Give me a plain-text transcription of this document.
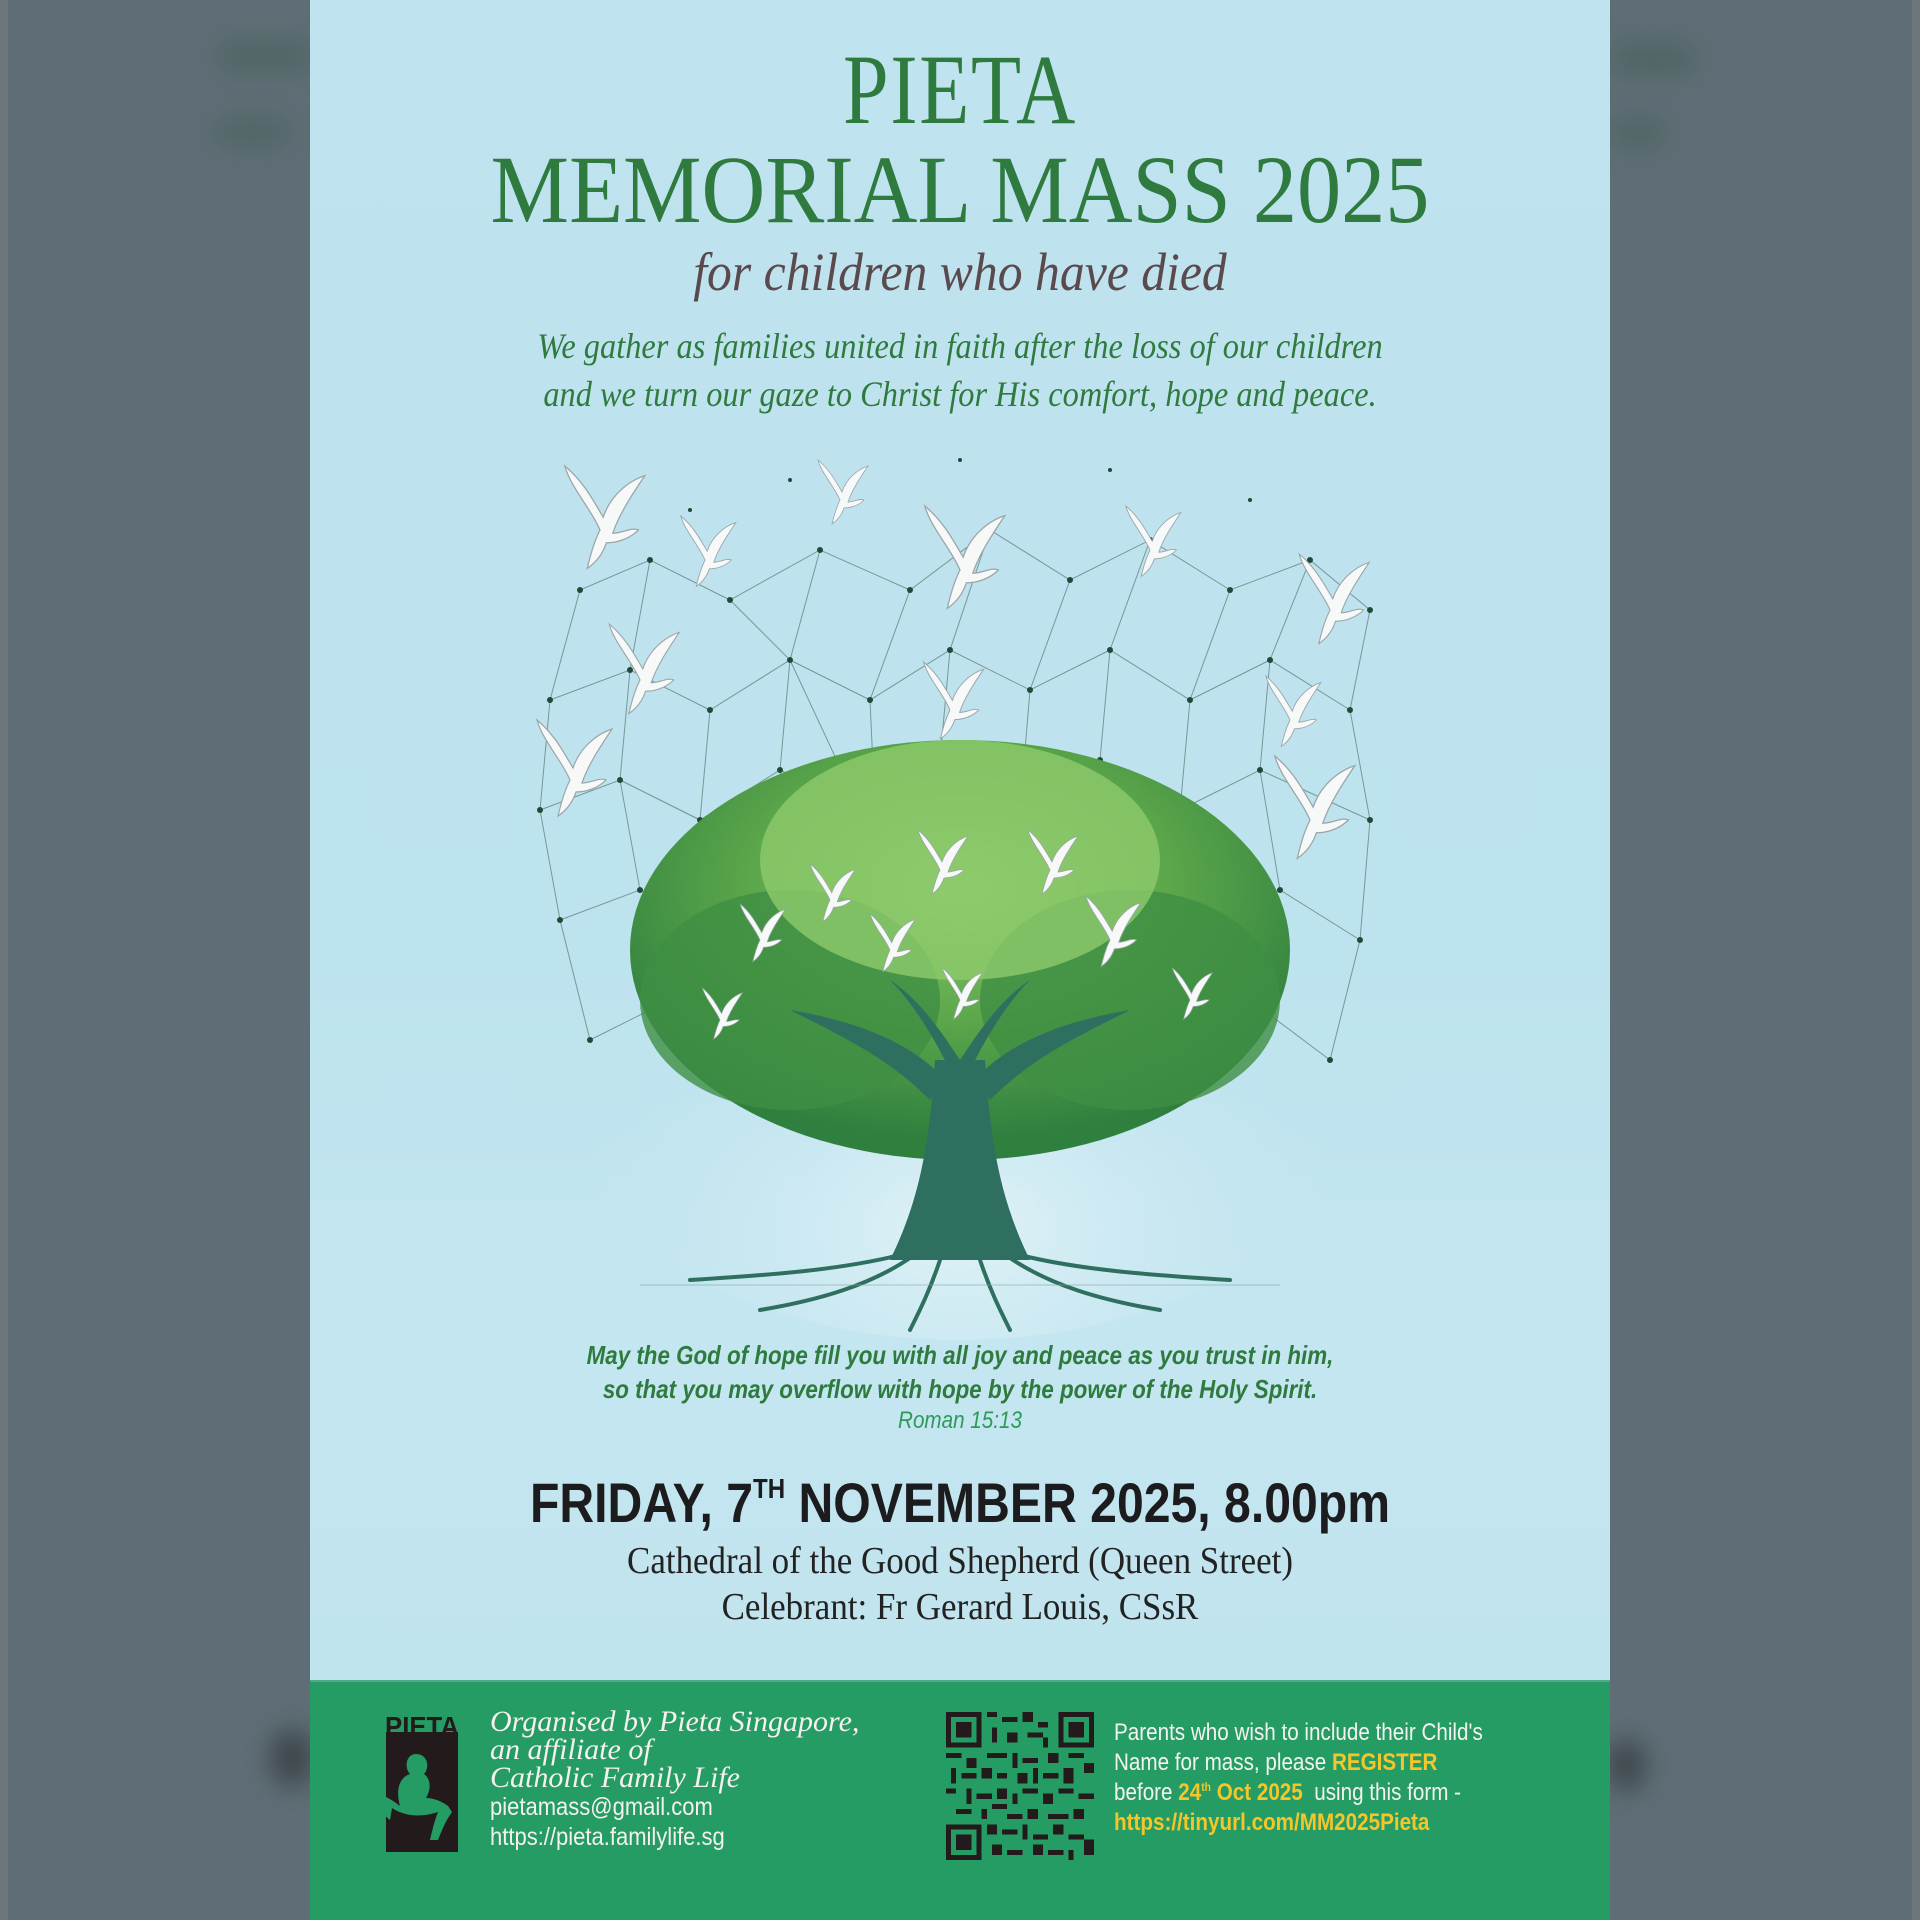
PIETA
MEMORIAL MASS 2025
for children who have died
We gather as families united in faith after the loss of our children
and we turn our gaze to Christ for His comfort, hope and peace.
May the God of hope fill you with all joy and peace as you trust in him,
so that you may overflow with hope by the power of the Holy Spirit.
Roman 15:13
FRIDAY, 7TH NOVEMBER 2025, 8.00pm
Cathedral of the Good Shepherd (Queen Street)
Celebrant: Fr Gerard Louis, CSsR
PIETA Organised by Pieta Singapore,
an affiliate of
Catholic Family Life
pietamass@gmail.com
https://pieta.familylife.sg
Parents who wish to include their Child's
Name for mass, please REGISTER
before 24th Oct 2025  using this form -
https://tinyurl.com/MM2025Pieta
